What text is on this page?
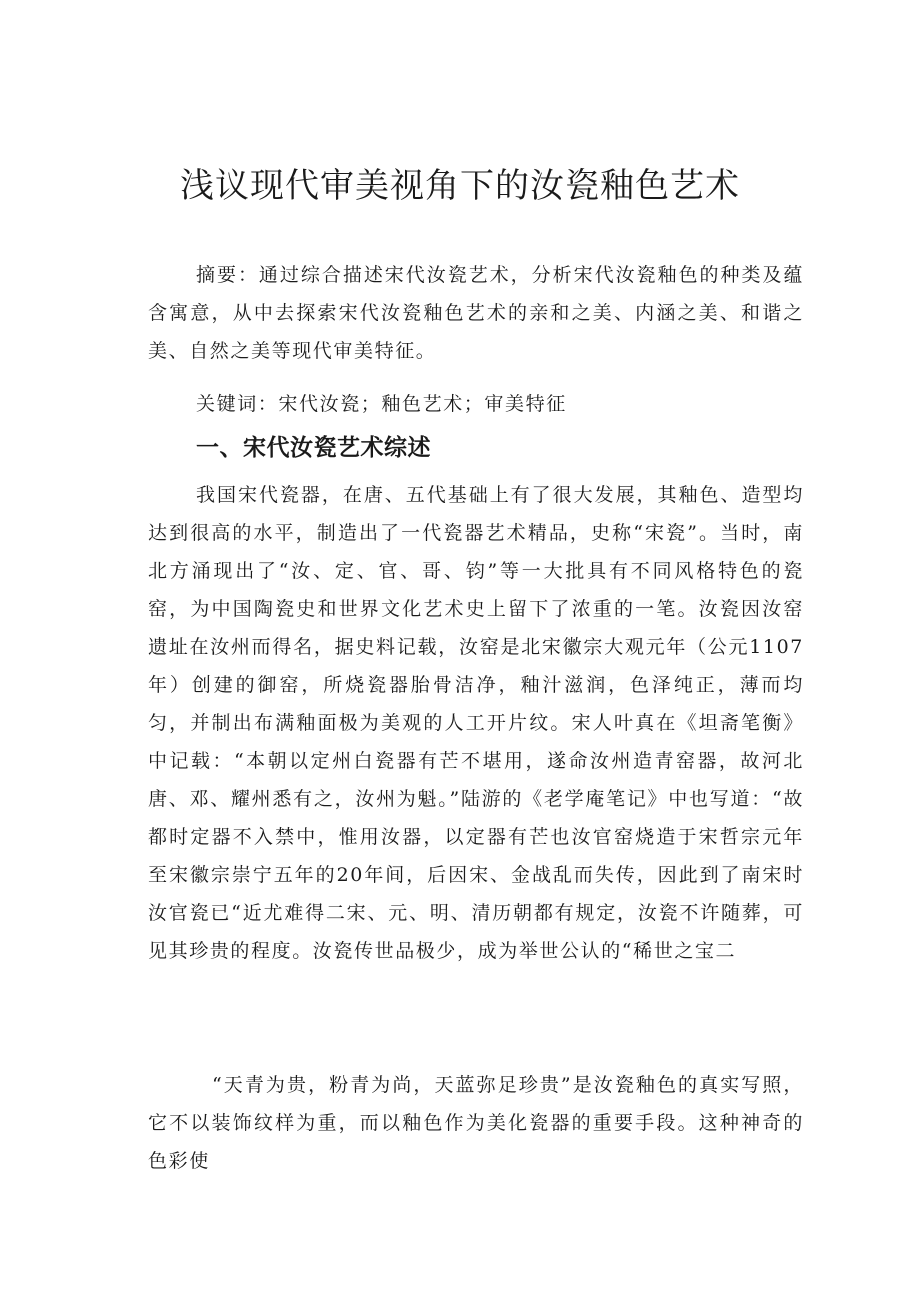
浅议现代审美视角下的汝瓷釉色艺术

摘要：通过综合描述宋代汝瓷艺术，分析宋代汝瓷釉色的种类及蕴含寓意，从中去探索宋代汝瓷釉色艺术的亲和之美、内涵之美、和谐之美、自然之美等现代审美特征。

关键词：宋代汝瓷；釉色艺术；审美特征

一、宋代汝瓷艺术综述

我国宋代瓷器，在唐、五代基础上有了很大发展，其釉色、造型均达到很高的水平，制造出了一代瓷器艺术精品，史称“宋瓷”。当时，南北方涌现出了“汝、定、官、哥、钧”等一大批具有不同风格特色的瓷窑，为中国陶瓷史和世界文化艺术史上留下了浓重的一笔。汝瓷因汝窑遗址在汝州而得名，据史料记载，汝窑是北宋徽宗大观元年（公元1107年）创建的御窑，所烧瓷器胎骨洁净，釉汁滋润，色泽纯正，薄而均匀，并制出布满釉面极为美观的人工开片纹。宋人叶真在《坦斋笔衡》中记载：“本朝以定州白瓷器有芒不堪用，遂命汝州造青窑器，故河北唐、邓、耀州悉有之，汝州为魁。”陆游的《老学庵笔记》中也写道：“故都时定器不入禁中，惟用汝器，以定器有芒也汝官窑烧造于宋哲宗元年至宋徽宗崇宁五年的20年间，后因宋、金战乱而失传，因此到了南宋时汝官瓷已“近尤难得二宋、元、明、清历朝都有规定，汝瓷不许随葬，可见其珍贵的程度。汝瓷传世品极少，成为举世公认的“稀世之宝二

“天青为贵，粉青为尚，天蓝弥足珍贵”是汝瓷釉色的真实写照，它不以装饰纹样为重，而以釉色作为美化瓷器的重要手段。这种神奇的色彩使
